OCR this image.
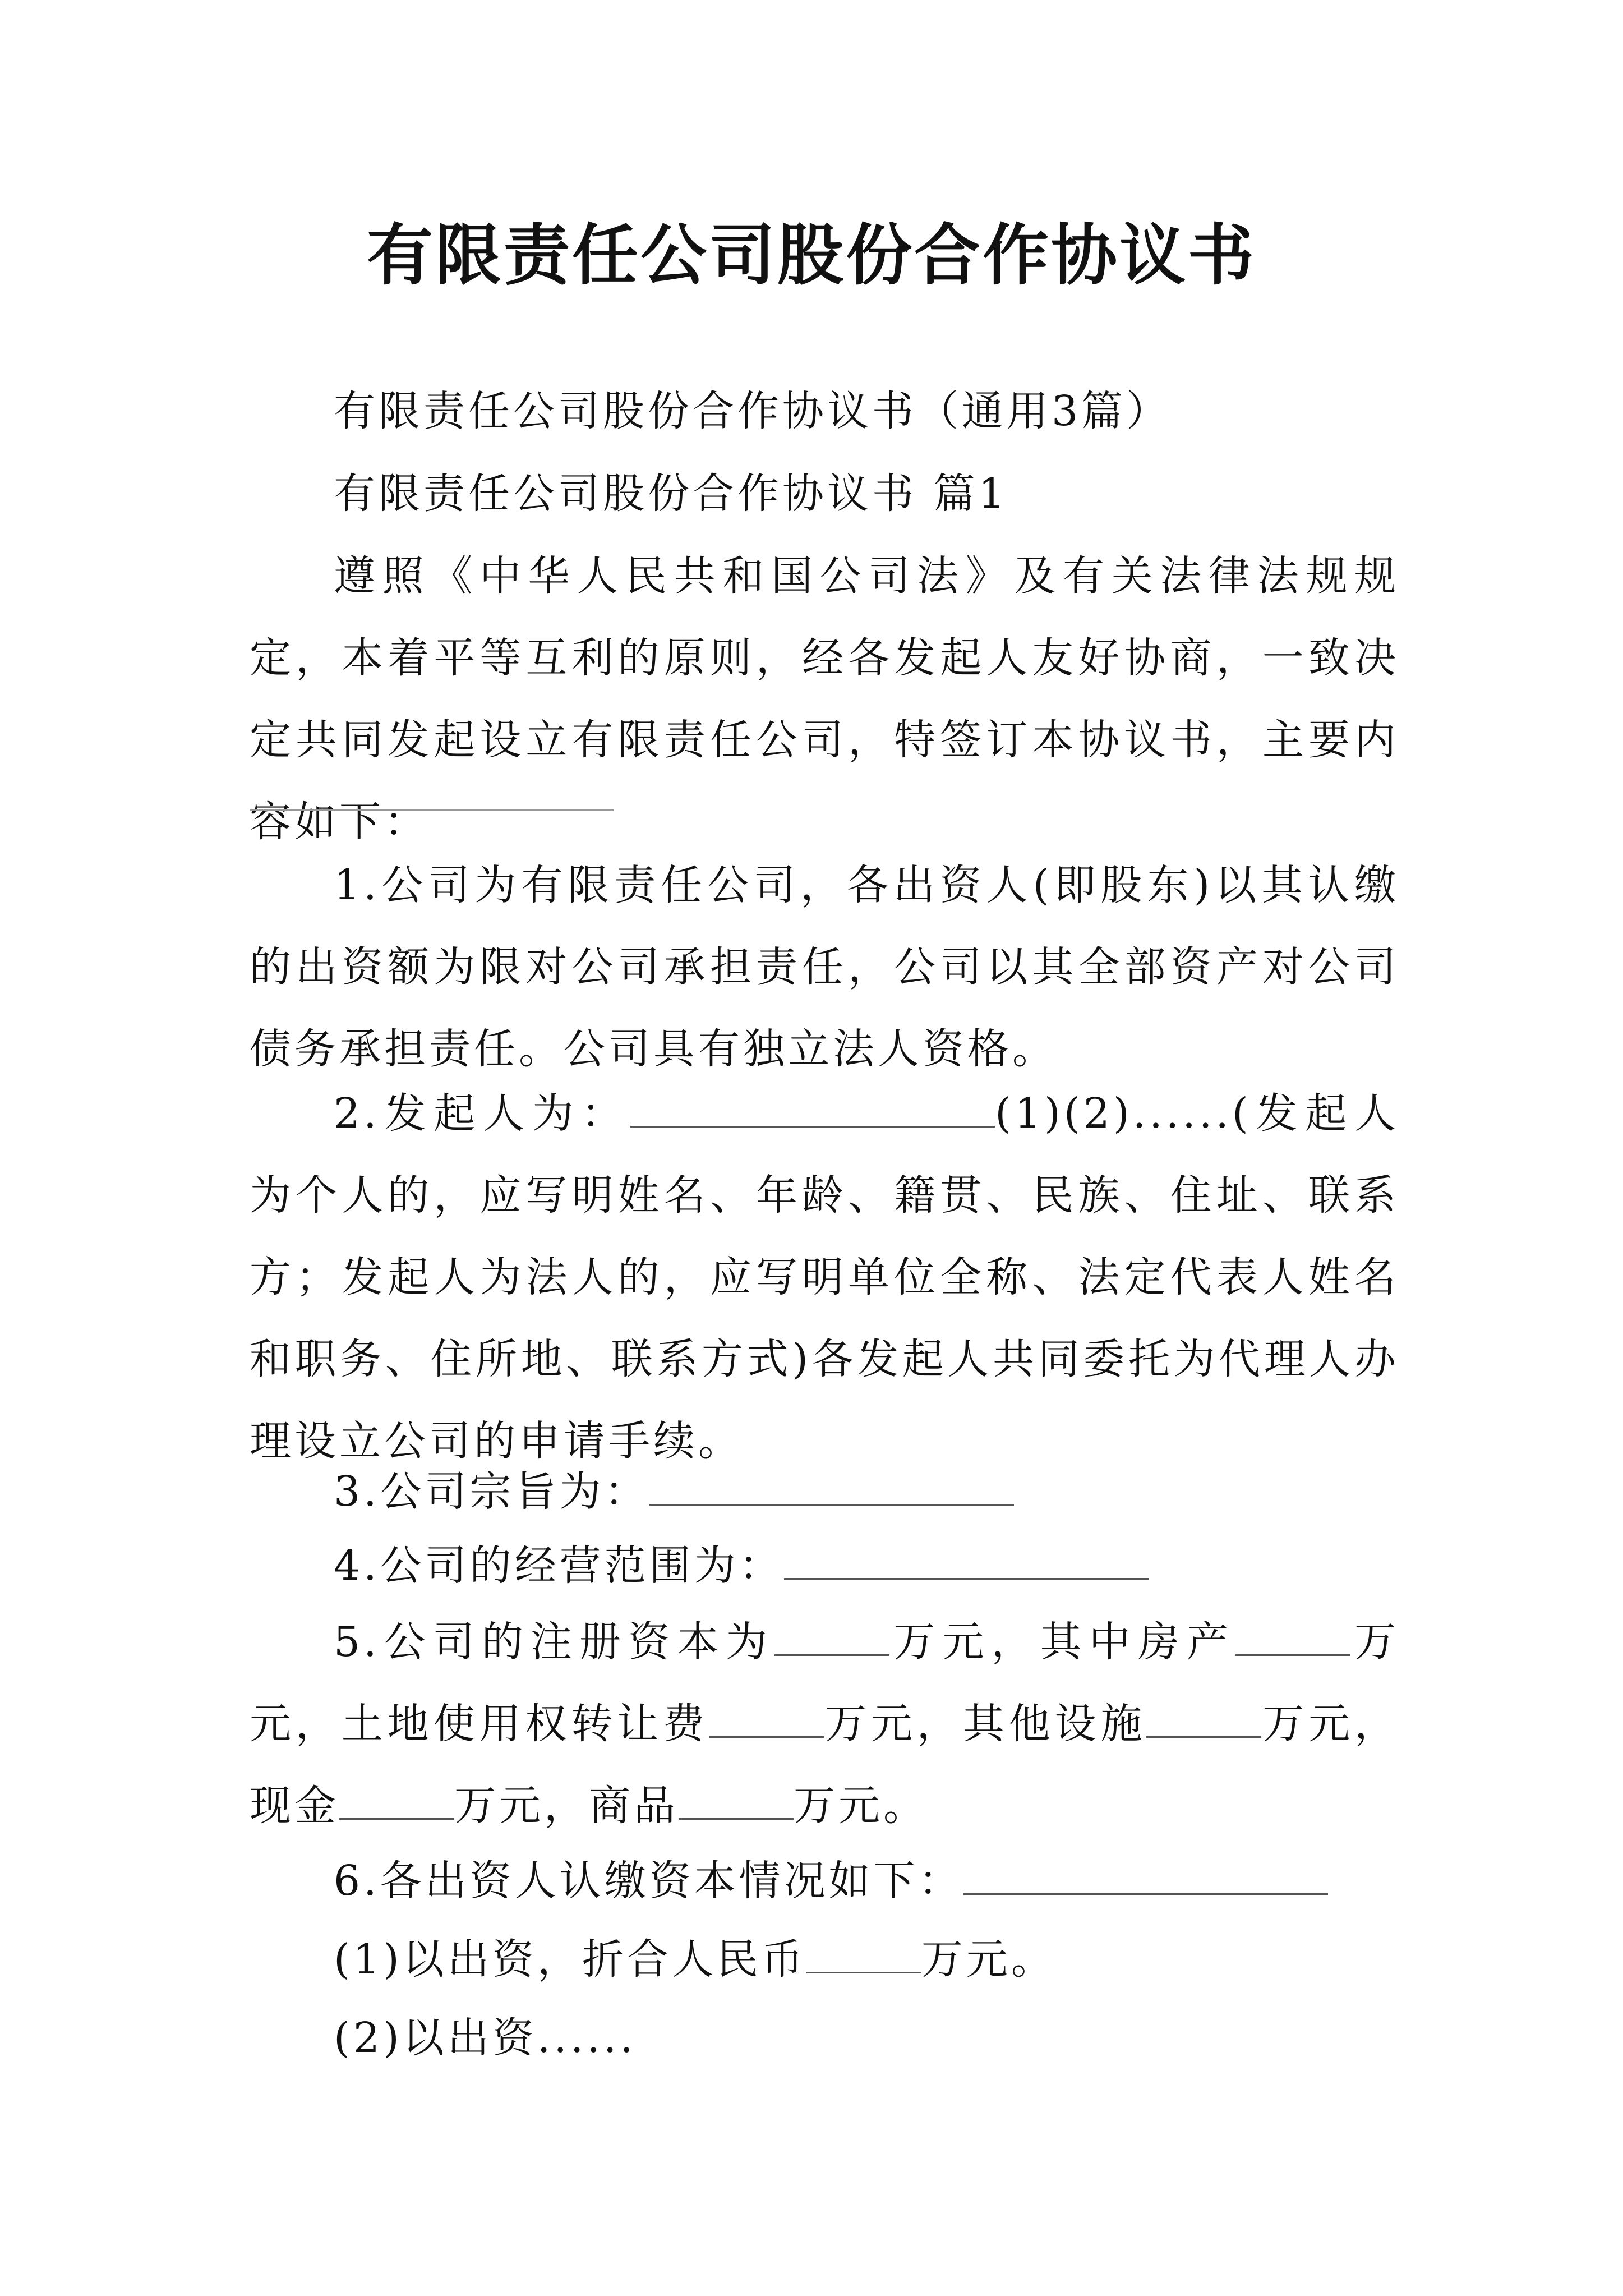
有限责任公司股份合作协议书

有限责任公司股份合作协议书（通用3篇）

有限责任公司股份合作协议书 篇1

遵照《中华人民共和国公司法》及有关法律法规规定，本着平等互利的原则，经各发起人友好协商，一致决定共同发起设立有限责任公司，特签订本协议书，主要内容如下：

1.公司为有限责任公司，各出资人(即股东)以其认缴的出资额为限对公司承担责任，公司以其全部资产对公司债务承担责任。公司具有独立法人资格。

2.发起人为：	(1)(2)......(发起人为个人的，应写明姓名、年龄、籍贯、民族、住址、联系方；发起人为法人的，应写明单位全称、法定代表人姓名和职务、住所地、联系方式)各发起人共同委托为代理人办理设立公司的申请手续。

3.公司宗旨为：

4.公司的经营范围为：

5.公司的注册资本为	万元，其中房产	万元，土地使用权转让费	万元，其他设施	万元，现金	万元，商品	万元。

6.各出资人认缴资本情况如下：

(1)以出资，折合人民币	万元。

(2)以出资......
